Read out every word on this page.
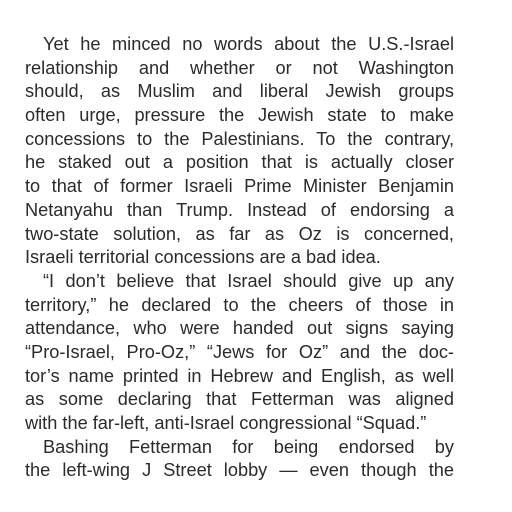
Yet he minced no words about the U.S.-Israel
relationship and whether or not Washington
should, as Muslim and liberal Jewish groups
often urge, pressure the Jewish state to make
concessions to the Palestinians. To the contrary,
he staked out a position that is actually closer
to that of former Israeli Prime Minister Benjamin
Netanyahu than Trump. Instead of endorsing a
two-state solution, as far as Oz is concerned,
Israeli territorial concessions are a bad idea.
“I don’t believe that Israel should give up any
territory,” he declared to the cheers of those in
attendance, who were handed out signs saying
“Pro-Israel, Pro-Oz,” “Jews for Oz” and the doc-
tor’s name printed in Hebrew and English, as well
as some declaring that Fetterman was aligned
with the far-left, anti-Israel congressional “Squad.”
Bashing Fetterman for being endorsed by
the left-wing J Street lobby — even though the
